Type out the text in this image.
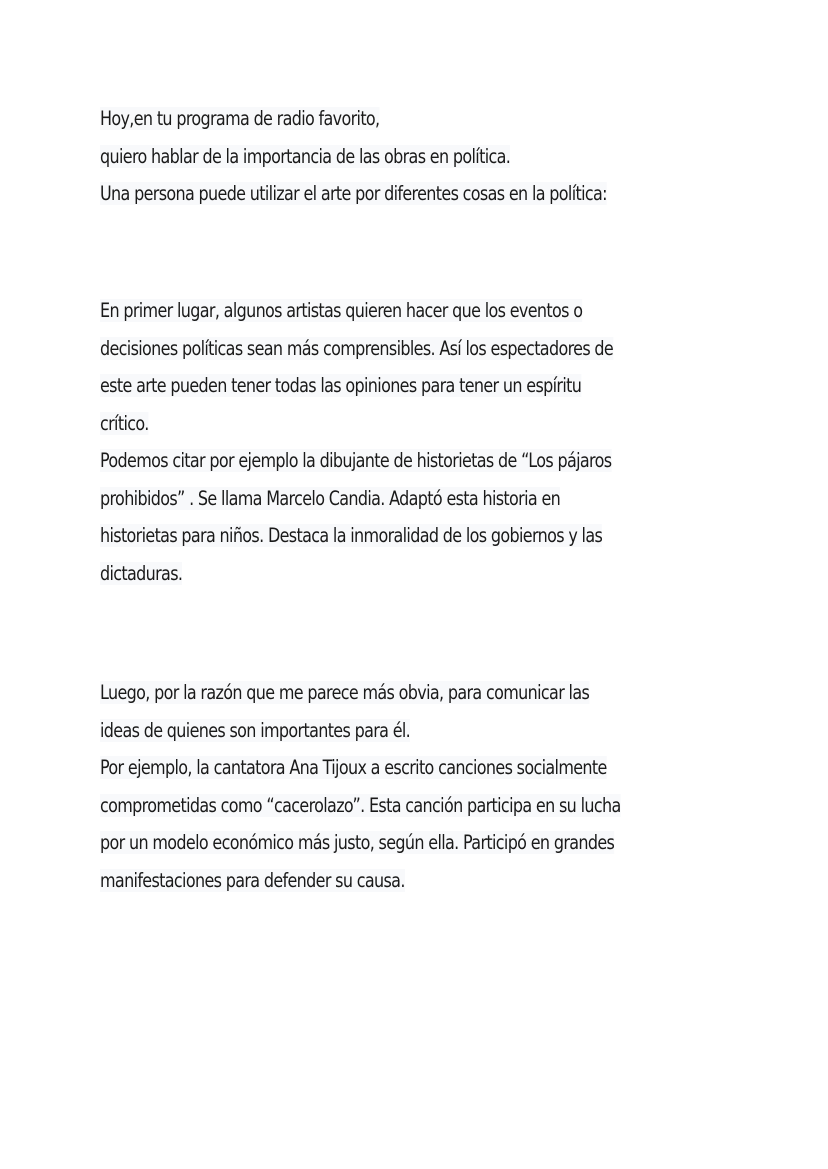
Hoy,en tu programa de radio favorito,
quiero hablar de la importancia de las obras en política.
Una persona puede utilizar el arte por diferentes cosas en la política:
En primer lugar, algunos artistas quieren hacer que los eventos o
decisiones políticas sean más comprensibles. Así los espectadores de
este arte pueden tener todas las opiniones para tener un espíritu
crítico.
Podemos citar por ejemplo la dibujante de historietas de “Los pájaros
prohibidos” . Se llama Marcelo Candia. Adaptó esta historia en
historietas para niños. Destaca la inmoralidad de los gobiernos y las
dictaduras.
Luego, por la razón que me parece más obvia, para comunicar las
ideas de quienes son importantes para él.
Por ejemplo, la cantatora Ana Tijoux a escrito canciones socialmente
comprometidas como “cacerolazo”. Esta canción participa en su lucha
por un modelo económico más justo, según ella. Participó en grandes
manifestaciones para defender su causa.
